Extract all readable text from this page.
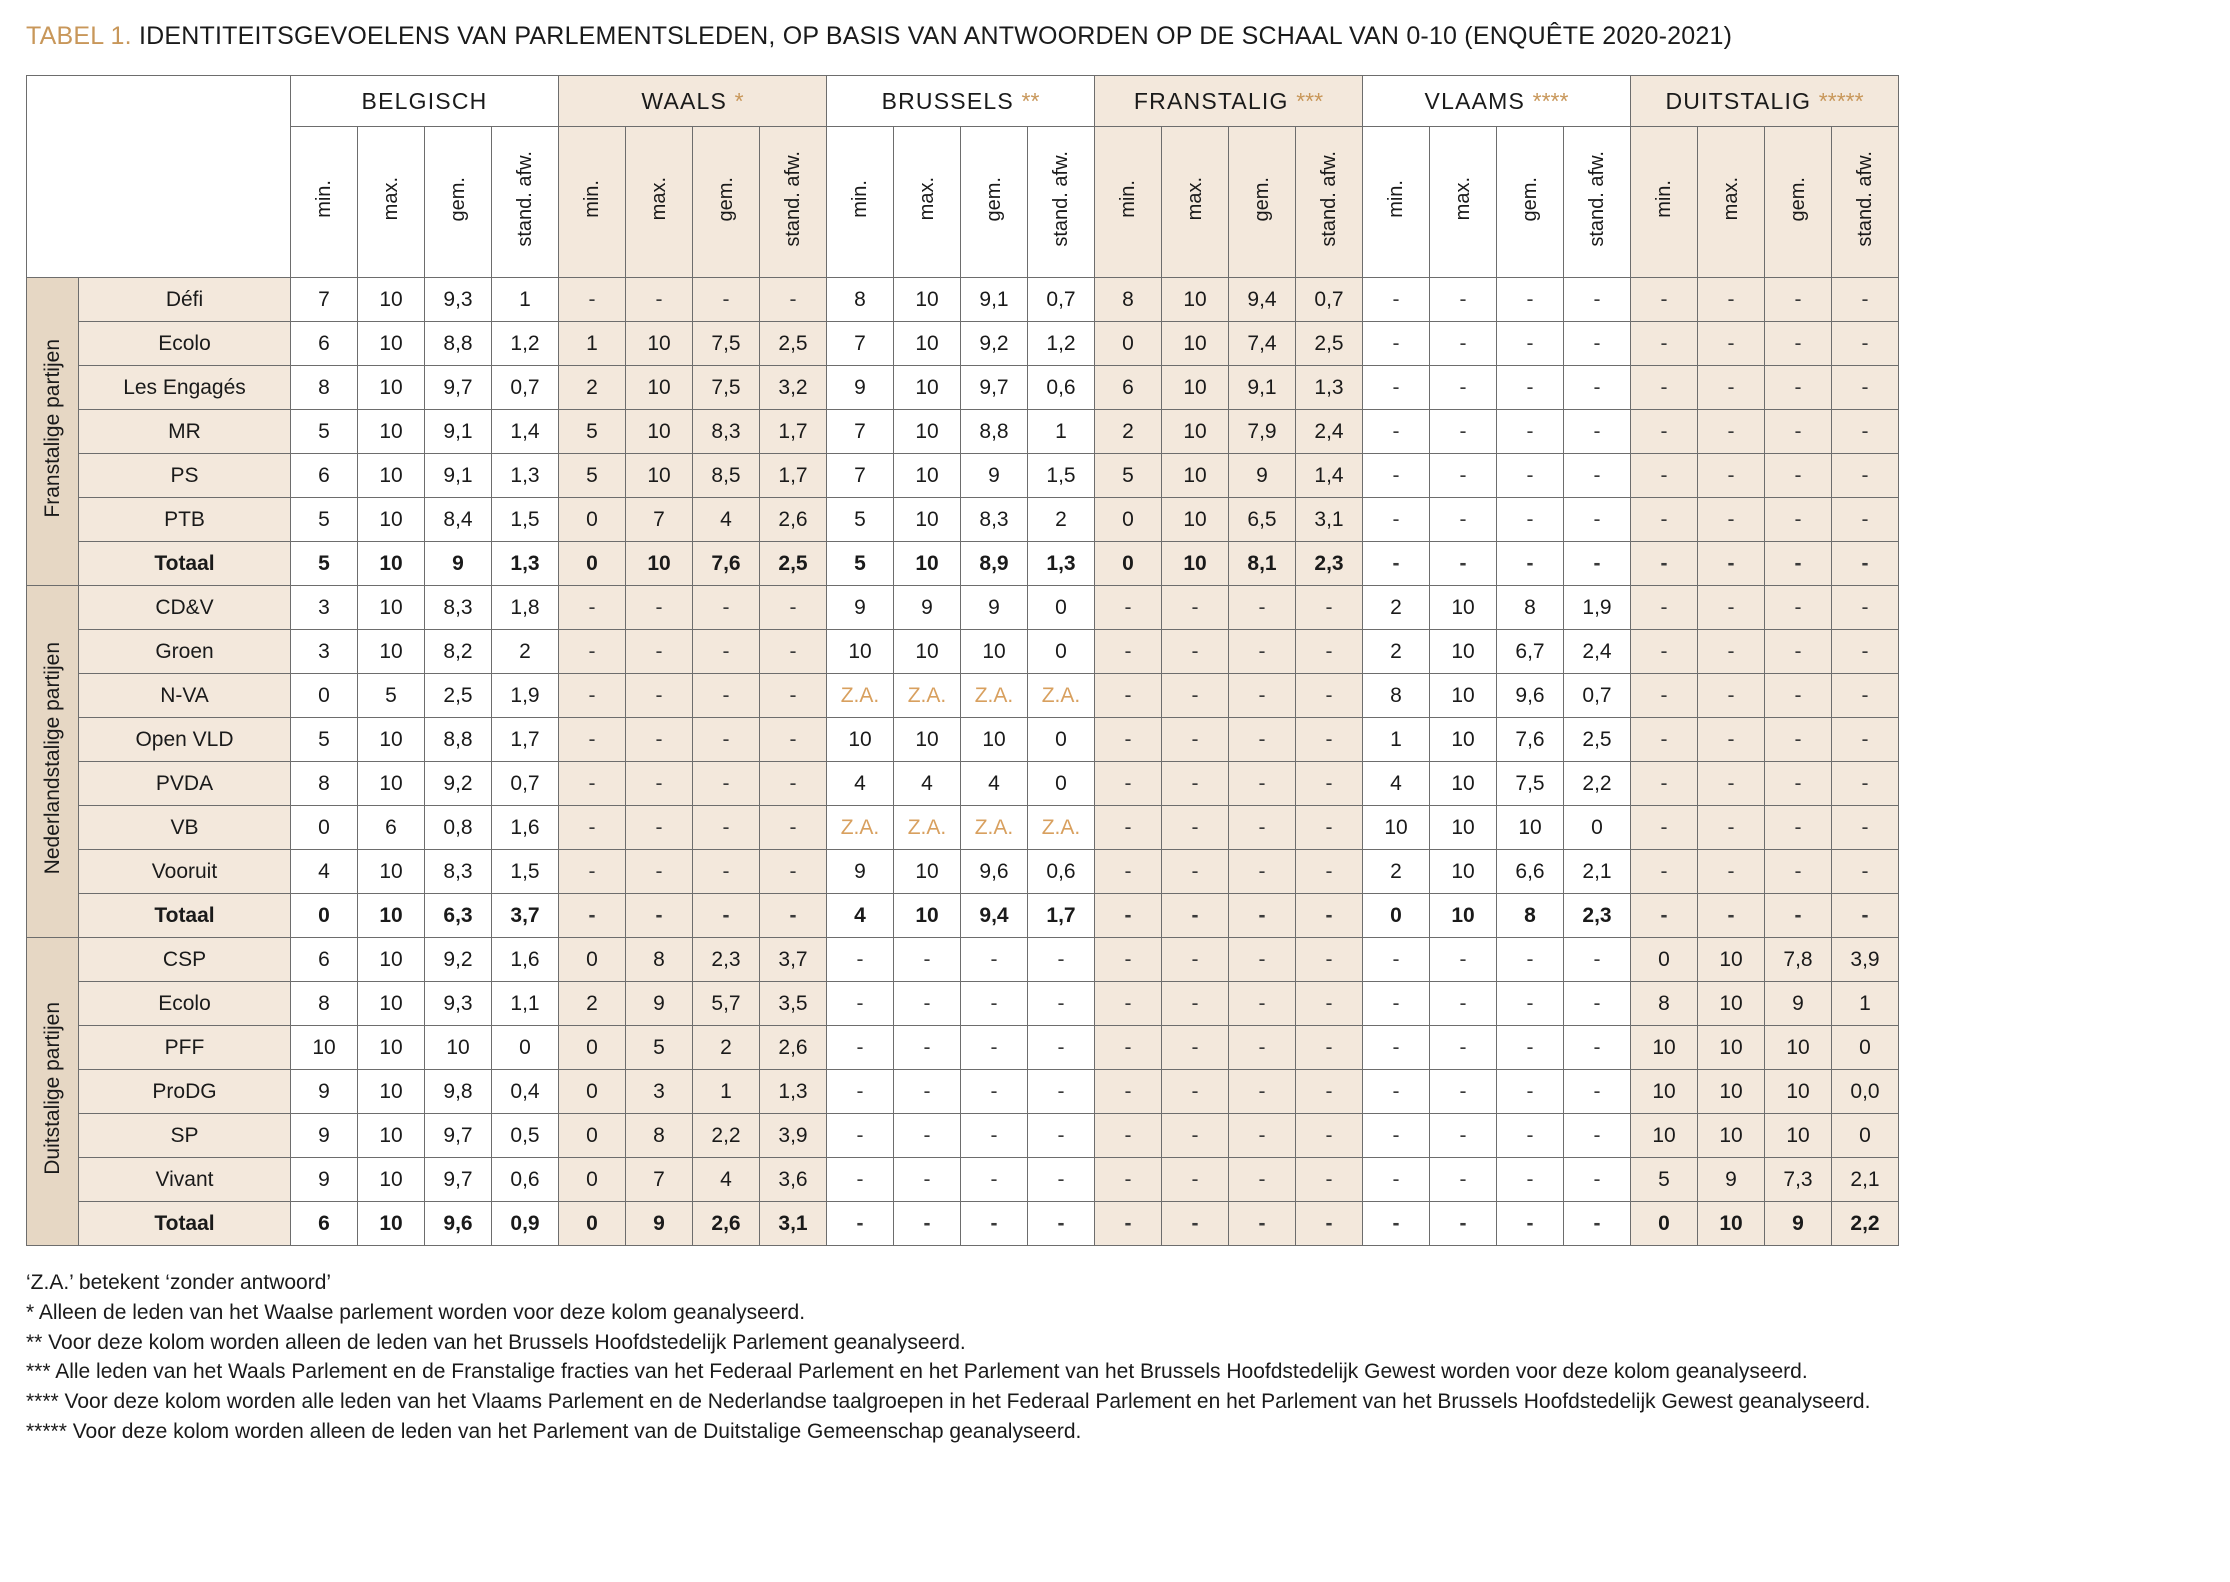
TABEL 1. IDENTITEITSGEVOELENS VAN PARLEMENTSLEDEN, OP BASIS VAN ANTWOORDEN OP DE SCHAAL VAN 0-10 (ENQUÊTE 2020-2021)
		BELGISCH				WAALS *				BRUSSELS **				FRANSTALIG ***				VLAAMS ****				DUITSTALIG *****			
		min.	max.	gem.	stand. afw.	min.	max.	gem.	stand. afw.	min.	max.	gem.	stand. afw.	min.	max.	gem.	stand. afw.	min.	max.	gem.	stand. afw.	min.	max.	gem.	stand. afw.
Franstalige partijen	Défi	7	10	9,3	1	-	-	-	-	8	10	9,1	0,7	8	10	9,4	0,7	-	-	-	-	-	-	-	-
	Ecolo	6	10	8,8	1,2	1	10	7,5	2,5	7	10	9,2	1,2	0	10	7,4	2,5	-	-	-	-	-	-	-	-
	Les Engagés	8	10	9,7	0,7	2	10	7,5	3,2	9	10	9,7	0,6	6	10	9,1	1,3	-	-	-	-	-	-	-	-
	MR	5	10	9,1	1,4	5	10	8,3	1,7	7	10	8,8	1	2	10	7,9	2,4	-	-	-	-	-	-	-	-
	PS	6	10	9,1	1,3	5	10	8,5	1,7	7	10	9	1,5	5	10	9	1,4	-	-	-	-	-	-	-	-
	PTB	5	10	8,4	1,5	0	7	4	2,6	5	10	8,3	2	0	10	6,5	3,1	-	-	-	-	-	-	-	-
	Totaal	5	10	9	1,3	0	10	7,6	2,5	5	10	8,9	1,3	0	10	8,1	2,3	-	-	-	-	-	-	-	-
Nederlandstalige partijen	CD&V	3	10	8,3	1,8	-	-	-	-	9	9	9	0	-	-	-	-	2	10	8	1,9	-	-	-	-
	Groen	3	10	8,2	2	-	-	-	-	10	10	10	0	-	-	-	-	2	10	6,7	2,4	-	-	-	-
	N-VA	0	5	2,5	1,9	-	-	-	-	Z.A.	Z.A.	Z.A.	Z.A.	-	-	-	-	8	10	9,6	0,7	-	-	-	-
	Open VLD	5	10	8,8	1,7	-	-	-	-	10	10	10	0	-	-	-	-	1	10	7,6	2,5	-	-	-	-
	PVDA	8	10	9,2	0,7	-	-	-	-	4	4	4	0	-	-	-	-	4	10	7,5	2,2	-	-	-	-
	VB	0	6	0,8	1,6	-	-	-	-	Z.A.	Z.A.	Z.A.	Z.A.	-	-	-	-	10	10	10	0	-	-	-	-
	Vooruit	4	10	8,3	1,5	-	-	-	-	9	10	9,6	0,6	-	-	-	-	2	10	6,6	2,1	-	-	-	-
	Totaal	0	10	6,3	3,7	-	-	-	-	4	10	9,4	1,7	-	-	-	-	0	10	8	2,3	-	-	-	-
Duitstalige partijen	CSP	6	10	9,2	1,6	0	8	2,3	3,7	-	-	-	-	-	-	-	-	-	-	-	-	0	10	7,8	3,9
	Ecolo	8	10	9,3	1,1	2	9	5,7	3,5	-	-	-	-	-	-	-	-	-	-	-	-	8	10	9	1
	PFF	10	10	10	0	0	5	2	2,6	-	-	-	-	-	-	-	-	-	-	-	-	10	10	10	0
	ProDG	9	10	9,8	0,4	0	3	1	1,3	-	-	-	-	-	-	-	-	-	-	-	-	10	10	10	0,0
	SP	9	10	9,7	0,5	0	8	2,2	3,9	-	-	-	-	-	-	-	-	-	-	-	-	10	10	10	0
	Vivant	9	10	9,7	0,6	0	7	4	3,6	-	-	-	-	-	-	-	-	-	-	-	-	5	9	7,3	2,1
	Totaal	6	10	9,6	0,9	0	9	2,6	3,1	-	-	-	-	-	-	-	-	-	-	-	-	0	10	9	2,2
‘Z.A.’ betekent ‘zonder antwoord’
* Alleen de leden van het Waalse parlement worden voor deze kolom geanalyseerd.
** Voor deze kolom worden alleen de leden van het Brussels Hoofdstedelijk Parlement geanalyseerd.
*** Alle leden van het Waals Parlement en de Franstalige fracties van het Federaal Parlement en het Parlement van het Brussels Hoofdstedelijk Gewest worden voor deze kolom geanalyseerd.
**** Voor deze kolom worden alle leden van het Vlaams Parlement en de Nederlandse taalgroepen in het Federaal Parlement en het Parlement van het Brussels Hoofdstedelijk Gewest geanalyseerd.
***** Voor deze kolom worden alleen de leden van het Parlement van de Duitstalige Gemeenschap geanalyseerd.
